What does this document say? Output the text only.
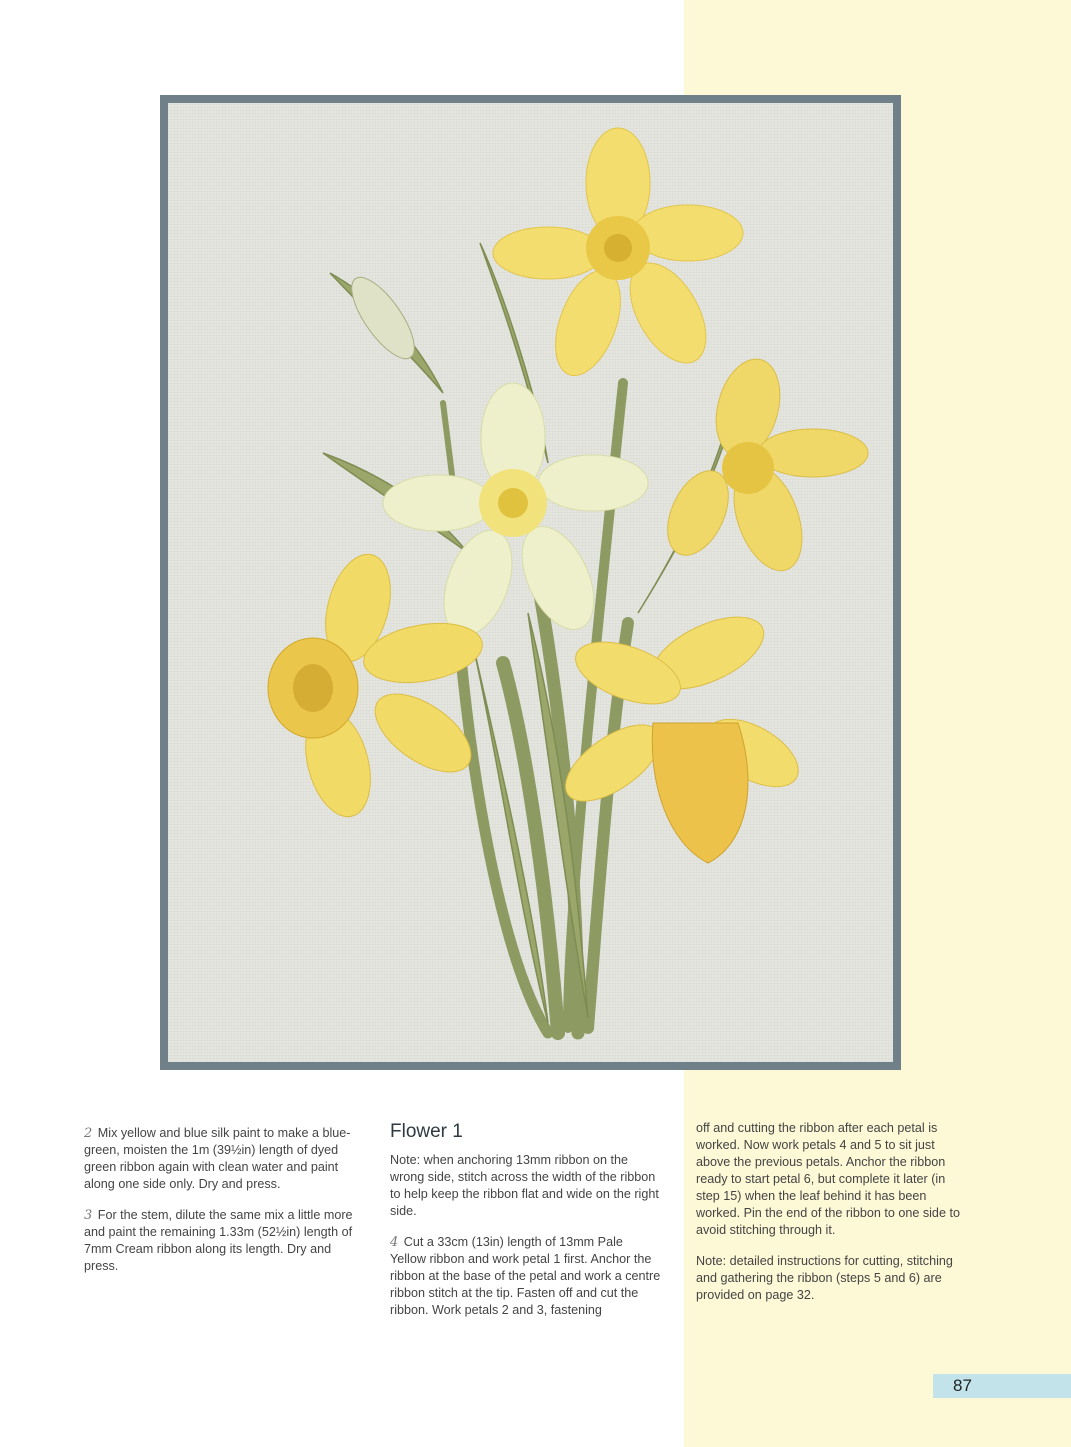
2 Mix yellow and blue silk paint to make a blue-green, moisten the 1m (39½in) length of dyed green ribbon again with clean water and paint along one side only. Dry and press.

3 For the stem, dilute the same mix a little more and paint the remaining 1.33m (52½in) length of 7mm Cream ribbon along its length. Dry and press.

Flower 1

Note: when anchoring 13mm ribbon on the wrong side, stitch across the width of the ribbon to help keep the ribbon flat and wide on the right side.

4 Cut a 33cm (13in) length of 13mm Pale Yellow ribbon and work petal 1 first. Anchor the ribbon at the base of the petal and work a centre ribbon stitch at the tip. Fasten off and cut the ribbon. Work petals 2 and 3, fastening

off and cutting the ribbon after each petal is worked. Now work petals 4 and 5 to sit just above the previous petals. Anchor the ribbon ready to start petal 6, but complete it later (in step 15) when the leaf behind it has been worked. Pin the end of the ribbon to one side to avoid stitching through it.

Note: detailed instructions for cutting, stitching and gathering the ribbon (steps 5 and 6) are provided on page 32.

87
